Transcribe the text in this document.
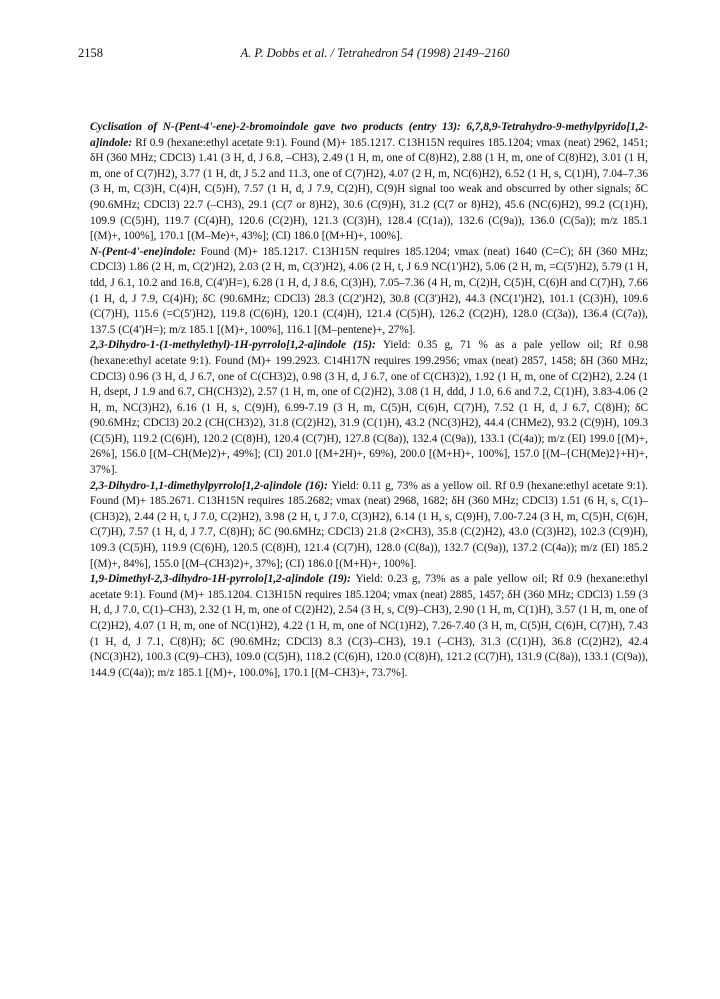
2158	A. P. Dobbs et al. / Tetrahedron 54 (1998) 2149–2160

Cyclisation of N-(Pent-4'-ene)-2-bromoindole gave two products (entry 13): 6,7,8,9-Tetrahydro-9-methylpyrido[1,2-a]indole: Rf 0.9 (hexane:ethyl acetate 9:1). Found (M)+ 185.1217. C13H15N requires 185.1204; νmax (neat) 2962, 1451; δH (360 MHz; CDCl3) 1.41 (3 H, d, J 6.8, –CH3), 2.49 (1 H, m, one of C(8)H2), 2.88 (1 H, m, one of C(8)H2), 3.01 (1 H, m, one of C(7)H2), 3.77 (1 H, dt, J 5.2 and 11.3, one of C(7)H2), 4.07 (2 H, m, NC(6)H2), 6.52 (1 H, s, C(1)H), 7.04–7.36 (3 H, m, C(3)H, C(4)H, C(5)H), 7.57 (1 H, d, J 7.9, C(2)H), C(9)H signal too weak and obscurred by other signals; δC (90.6MHz; CDCl3) 22.7 (–CH3), 29.1 (C(7 or 8)H2), 30.6 (C(9)H), 31.2 (C(7 or 8)H2), 45.6 (NC(6)H2), 99.2 (C(1)H), 109.9 (C(5)H), 119.7 (C(4)H), 120.6 (C(2)H), 121.3 (C(3)H), 128.4 (C(1a)), 132.6 (C(9a)), 136.0 (C(5a)); m/z 185.1 [(M)+, 100%], 170.1 [(M–Me)+, 43%]; (CI) 186.0 [(M+H)+, 100%].

N-(Pent-4'-ene)indole: Found (M)+ 185.1217. C13H15N requires 185.1204; νmax (neat) 1640 (C=C); δH (360 MHz; CDCl3) 1.86 (2 H, m, C(2')H2), 2.03 (2 H, m, C(3')H2), 4.06 (2 H, t, J 6.9 NC(1')H2), 5.06 (2 H, m, =C(5')H2), 5.79 (1 H, tdd, J 6.1, 10.2 and 16.8, C(4')H=), 6.28 (1 H, d, J 8.6, C(3)H), 7.05–7.36 (4 H, m, C(2)H, C(5)H, C(6)H and C(7)H), 7.66 (1 H, d, J 7.9, C(4)H); δC (90.6MHz; CDCl3) 28.3 (C(2')H2), 30.8 (C(3')H2), 44.3 (NC(1')H2), 101.1 (C(3)H), 109.6 (C(7)H), 115.6 (=C(5')H2), 119.8 (C(6)H), 120.1 (C(4)H), 121.4 (C(5)H), 126.2 (C(2)H), 128.0 (C(3a)), 136.4 (C(7a)), 137.5 (C(4')H=); m/z 185.1 [(M)+, 100%], 116.1 [(M–pentene)+, 27%].

2,3-Dihydro-1-(1-methylethyl)-1H-pyrrolo[1,2-a]indole (15): Yield: 0.35 g, 71 % as a pale yellow oil; Rf 0.98 (hexane:ethyl acetate 9:1). Found (M)+ 199.2923. C14H17N requires 199.2956; νmax (neat) 2857, 1458; δH (360 MHz; CDCl3) 0.96 (3 H, d, J 6.7, one of C(CH3)2), 0.98 (3 H, d, J 6.7, one of C(CH3)2), 1.92 (1 H, m, one of C(2)H2), 2.24 (1 H, dsept, J 1.9 and 6.7, CH(CH3)2), 2.57 (1 H, m, one of C(2)H2), 3.08 (1 H, ddd, J 1.0, 6.6 and 7.2, C(1)H), 3.83-4.06 (2 H, m, NC(3)H2), 6.16 (1 H, s, C(9)H), 6.99-7.19 (3 H, m, C(5)H, C(6)H, C(7)H), 7.52 (1 H, d, J 6.7, C(8)H); δC (90.6MHz; CDCl3) 20.2 (CH(CH3)2), 31.8 (C(2)H2), 31.9 (C(1)H), 43.2 (NC(3)H2), 44.4 (CHMe2), 93.2 (C(9)H), 109.3 (C(5)H), 119.2 (C(6)H), 120.2 (C(8)H), 120.4 (C(7)H), 127.8 (C(8a)), 132.4 (C(9a)), 133.1 (C(4a)); m/z (EI) 199.0 [(M)+, 26%], 156.0 [(M–CH(Me)2)+, 49%]; (CI) 201.0 [(M+2H)+, 69%), 200.0 [(M+H)+, 100%], 157.0 [(M–{CH(Me)2}+H)+, 37%].

2,3-Dihydro-1,1-dimethylpyrrolo[1,2-a]indole (16): Yield: 0.11 g, 73% as a yellow oil. Rf 0.9 (hexane:ethyl acetate 9:1). Found (M)+ 185.2671. C13H15N requires 185.2682; νmax (neat) 2968, 1682; δH (360 MHz; CDCl3) 1.51 (6 H, s, C(1)–(CH3)2), 2.44 (2 H, t, J 7.0, C(2)H2), 3.98 (2 H, t, J 7.0, C(3)H2), 6.14 (1 H, s, C(9)H), 7.00-7.24 (3 H, m, C(5)H, C(6)H, C(7)H), 7.57 (1 H, d, J 7.7, C(8)H); δC (90.6MHz; CDCl3) 21.8 (2×CH3), 35.8 (C(2)H2), 43.0 (C(3)H2), 102.3 (C(9)H), 109.3 (C(5)H), 119.9 (C(6)H), 120.5 (C(8)H), 121.4 (C(7)H), 128.0 (C(8a)), 132.7 (C(9a)), 137.2 (C(4a)); m/z (EI) 185.2 [(M)+, 84%], 155.0 [(M–(CH3)2)+, 37%]; (CI) 186.0 [(M+H)+, 100%].

1,9-Dimethyl-2,3-dihydro-1H-pyrrolo[1,2-a]indole (19): Yield: 0.23 g, 73% as a pale yellow oil; Rf 0.9 (hexane:ethyl acetate 9:1). Found (M)+ 185.1204. C13H15N requires 185.1204; νmax (neat) 2885, 1457; δH (360 MHz; CDCl3) 1.59 (3 H, d, J 7.0, C(1)–CH3), 2.32 (1 H, m, one of C(2)H2), 2.54 (3 H, s, C(9)–CH3), 2.90 (1 H, m, C(1)H), 3.57 (1 H, m, one of C(2)H2), 4.07 (1 H, m, one of NC(1)H2), 4.22 (1 H, m, one of NC(1)H2), 7.26-7.40 (3 H, m, C(5)H, C(6)H, C(7)H), 7.43 (1 H, d, J 7.1, C(8)H); δC (90.6MHz; CDCl3) 8.3 (C(3)–CH3), 19.1 (–CH3), 31.3 (C(1)H), 36.8 (C(2)H2), 42.4 (NC(3)H2), 100.3 (C(9)–CH3), 109.0 (C(5)H), 118.2 (C(6)H), 120.0 (C(8)H), 121.2 (C(7)H), 131.9 (C(8a)), 133.1 (C(9a)), 144.9 (C(4a)); m/z 185.1 [(M)+, 100.0%], 170.1 [(M–CH3)+, 73.7%].
